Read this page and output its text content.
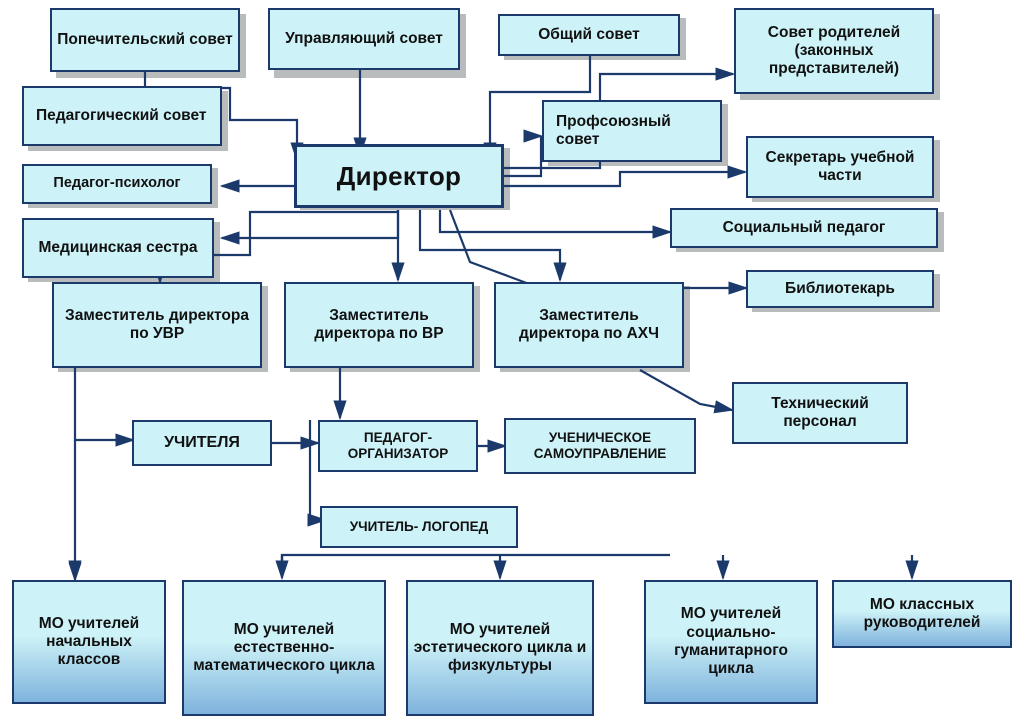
Попечительский совет	Управляющий совет	Общий совет	Совет родителей (законных представителей)
Педагогический совет	Профсоюзный совет
Секретарь учебной части
Педагог-психолог	Директор
Медицинская сестра
Социальный педагог
Библиотекарь
Заместитель директора по УВР
Заместитель директора по ВР
Заместитель директора по АХЧ
Технический персонал
УЧИТЕЛЯ	ПЕДАГОГ-ОРГАНИЗАТОР
УЧЕНИЧЕСКОЕ САМОУПРАВЛЕНИЕ
УЧИТЕЛЬ- ЛОГОПЕД
МО учителей начальных классов
МО учителей естественно-математического цикла
МО учителей эстетического цикла и физкультуры
МО учителей социально-гуманитарного цикла
МО классных руководителей
